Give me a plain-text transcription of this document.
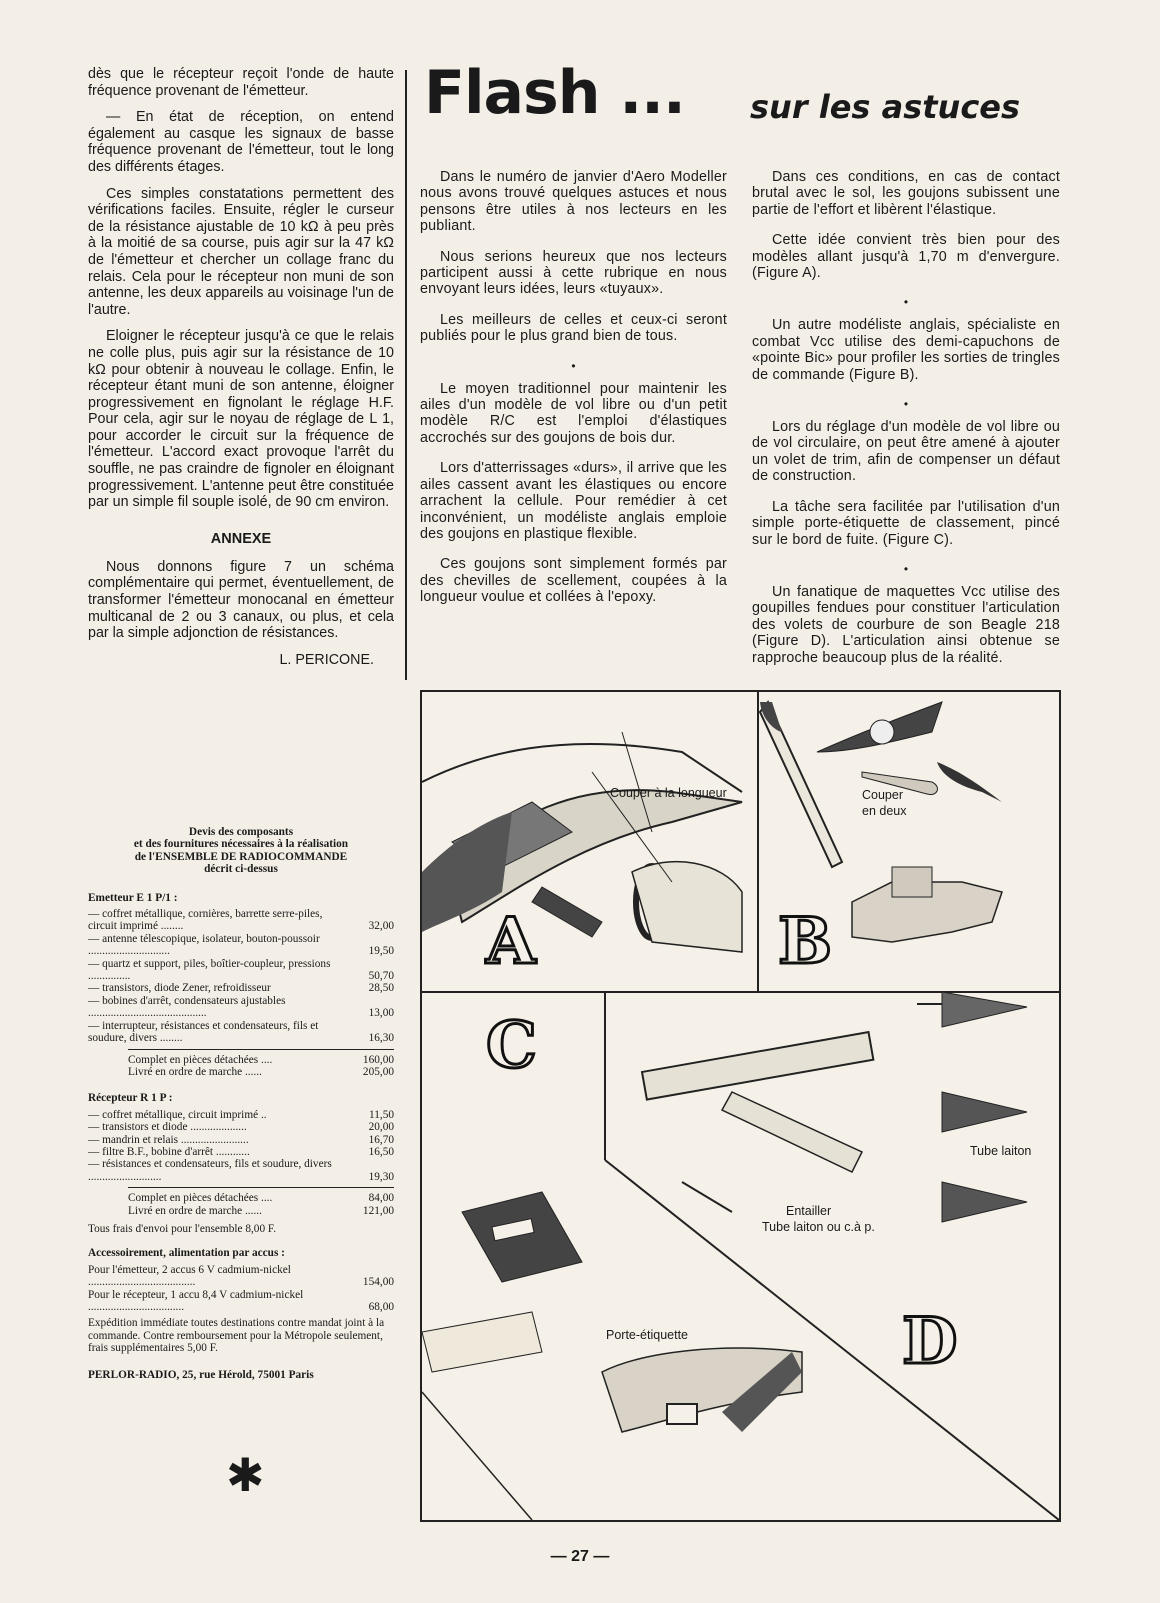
dès que le récepteur reçoit l'onde de haute fréquence provenant de l'émetteur.

— En état de réception, on entend également au casque les signaux de basse fréquence provenant de l'émetteur, tout le long des différents étages.

Ces simples constatations permettent des vérifications faciles. Ensuite, régler le curseur de la résistance ajustable de 10 kΩ à peu près à la moitié de sa course, puis agir sur la 47 kΩ de l'émetteur et chercher un collage franc du relais. Cela pour le récepteur non muni de son antenne, les deux appareils au voisinage l'un de l'autre.

Eloigner le récepteur jusqu'à ce que le relais ne colle plus, puis agir sur la résistance de 10 kΩ pour obtenir à nouveau le collage. Enfin, le récepteur étant muni de son antenne, éloigner progressivement en fignolant le réglage H.F. Pour cela, agir sur le noyau de réglage de L 1, pour accorder le circuit sur la fréquence de l'émetteur. L'accord exact provoque l'arrêt du souffle, ne pas craindre de fignoler en éloignant progressivement. L'antenne peut être constituée par un simple fil souple isolé, de 90 cm environ.

ANNEXE

Nous donnons figure 7 un schéma complémentaire qui permet, éventuellement, de transformer l'émetteur monocanal en émetteur multicanal de 2 ou 3 canaux, ou plus, et cela par la simple adjonction de résistances.

L. PERICONE.
Devis des composants
et des fournitures nécessaires à la réalisation
de l'ENSEMBLE DE RADIOCOMMANDE
décrit ci-dessus
Emetteur E 1 P/1 :
— coffret métallique, cornières, barrette serre-piles, circuit imprimé ........	32,00
— antenne télescopique, isolateur, bouton-poussoir .............................	19,50
— quartz et support, piles, boîtier-coupleur, pressions ...............	50,70
— transistors, diode Zener, refroidisseur	28,50
— bobines d'arrêt, condensateurs ajustables ..........................................	13,00
— interrupteur, résistances et condensateurs, fils et soudure, divers ........	16,30
Complet en pièces détachées ....	160,00
Livré en ordre de marche ......	205,00
Récepteur R 1 P :
— coffret métallique, circuit imprimé ..	11,50
— transistors et diode ....................	20,00
— mandrin et relais ........................	16,70
— filtre B.F., bobine d'arrêt ............	16,50
— résistances et condensateurs, fils et soudure, divers ..........................	19,30
Complet en pièces détachées ....	84,00
Livré en ordre de marche ......	121,00
Tous frais d'envoi pour l'ensemble 8,00 F.
Accessoirement, alimentation par accus :
Pour l'émetteur, 2 accus 6 V cadmium-nickel ......................................	154,00
Pour le récepteur, 1 accu 8,4 V cadmium-nickel ..................................	68,00
Expédition immédiate toutes destinations contre mandat joint à la commande. Contre remboursement pour la Métropole seulement, frais supplémentaires 5,00 F.
PERLOR-RADIO, 25, rue Hérold, 75001 Paris
✱
Flash ... sur les astuces

Dans le numéro de janvier d'Aero Modeller nous avons trouvé quelques astuces et nous pensons être utiles à nos lecteurs en les publiant.

Nous serions heureux que nos lecteurs participent aussi à cette rubrique en nous envoyant leurs idées, leurs «tuyaux».

Les meilleurs de celles et ceux-ci seront publiés pour le plus grand bien de tous.

•

Le moyen traditionnel pour maintenir les ailes d'un modèle de vol libre ou d'un petit modèle R/C est l'emploi d'élastiques accrochés sur des goujons de bois dur.

Lors d'atterrissages «durs», il arrive que les ailes cassent avant les élastiques ou encore arrachent la cellule. Pour remédier à cet inconvénient, un modéliste anglais emploie des goujons en plastique flexible.

Ces goujons sont simplement formés par des chevilles de scellement, coupées à la longueur voulue et collées à l'epoxy.

Dans ces conditions, en cas de contact brutal avec le sol, les goujons subissent une partie de l'effort et libèrent l'élastique.

Cette idée convient très bien pour des modèles allant jusqu'à 1,70 m d'envergure. (Figure A).

•

Un autre modéliste anglais, spécialiste en combat Vcc utilise des demi-capuchons de «pointe Bic» pour profiler les sorties de tringles de commande (Figure B).

•

Lors du réglage d'un modèle de vol libre ou de vol circulaire, on peut être amené à ajouter un volet de trim, afin de compenser un défaut de construction.

La tâche sera facilitée par l'utilisation d'un simple porte-étiquette de classement, pincé sur le bord de fuite. (Figure C).

•

Un fanatique de maquettes Vcc utilise des goupilles fendues pour constituer l'articulation des volets de courbure de son Beagle 218 (Figure D). L'articulation ainsi obtenue se rapproche beaucoup plus de la réalité.

A	B
C
D
Couper à la longueur	Couper
en deux
Tube laiton
Entailler
Tube laiton ou c.à p.
Porte-étiquette
— 27 —
